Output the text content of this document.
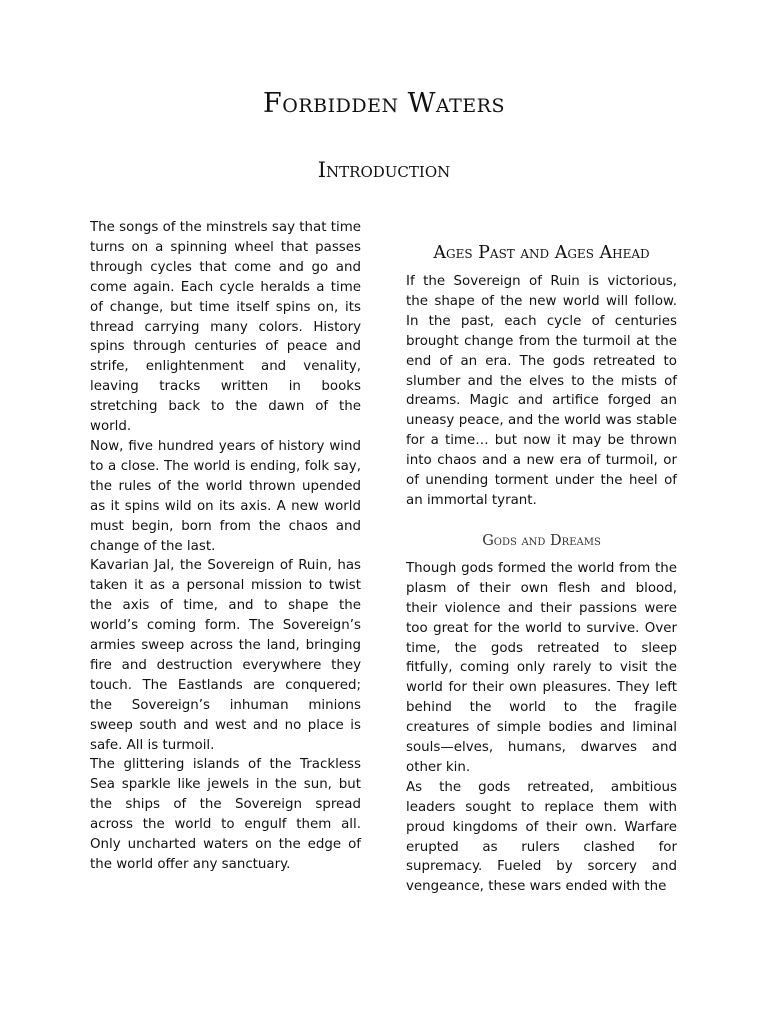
Forbidden Waters
Introduction

The songs of the minstrels say that time turns on a spinning wheel that passes through cycles that come and go and come again. Each cycle heralds a time of change, but time itself spins on, its thread carrying many colors. History spins through centuries of peace and strife, enlightenment and venality, leaving tracks written in books stretching back to the dawn of the world.

Now, five hundred years of history wind to a close. The world is ending, folk say, the rules of the world thrown upended as it spins wild on its axis. A new world must begin, born from the chaos and change of the last.

Kavarian Jal, the Sovereign of Ruin, has taken it as a personal mission to twist the axis of time, and to shape the world’s coming form. The Sovereign’s armies sweep across the land, bringing fire and destruction everywhere they touch. The Eastlands are conquered; the Sovereign’s inhuman minions sweep south and west and no place is safe. All is turmoil.

The glittering islands of the Trackless Sea sparkle like jewels in the sun, but the ships of the Sovereign spread across the world to engulf them all. Only uncharted waters on the edge of the world offer any sanctuary.

Ages Past and Ages Ahead

If the Sovereign of Ruin is victorious, the shape of the new world will follow. In the past, each cycle of centuries brought change from the turmoil at the end of an era. The gods retreated to slumber and the elves to the mists of dreams. Magic and artifice forged an uneasy peace, and the world was stable for a time… but now it may be thrown into chaos and a new era of turmoil, or of unending torment under the heel of an immortal tyrant.

Gods and Dreams

Though gods formed the world from the plasm of their own flesh and blood, their violence and their passions were too great for the world to survive. Over time, the gods retreated to sleep fitfully, coming only rarely to visit the world for their own pleasures. They left behind the world to the fragile creatures of simple bodies and liminal souls—elves, humans, dwarves and other kin.

As the gods retreated, ambitious leaders sought to replace them with proud kingdoms of their own. Warfare erupted as rulers clashed for supremacy. Fueled by sorcery and vengeance, these wars ended with the
